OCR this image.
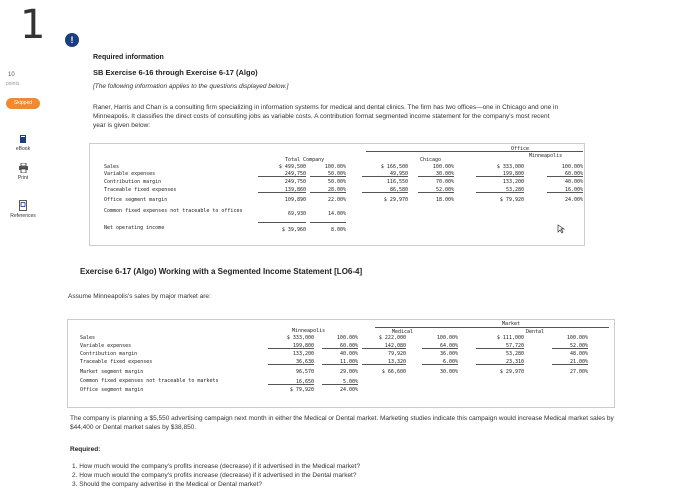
1
10
points
Skipped
eBook
Print
References
!
Required information
SB Exercise 6-16 through Exercise 6-17 (Algo)
[The following information applies to the questions displayed below.]
Raner, Harris and Chan is a consulting firm specializing in information systems for medical and dental clinics. The firm has two offices—one in Chicago and one in Minneapolis. It classifies the direct costs of consulting jobs as variable costs. A contribution format segmented income statement for the company's most recent year is given below:
Office
Total Company	Chicago
Minneapolis
Sales	$ 499,500	100.00%	$ 166,500	100.00%	$ 333,000	100.00%
Variable expenses	249,750	50.00%	49,950	30.00%	199,800	60.00%
Contribution margin	249,750	50.00%	116,550	70.00%	133,200	40.00%
Traceable fixed expenses	139,860	28.00%	86,580	52.00%	53,280	16.00%
Office segment margin	109,890	22.00%	$ 29,970	18.00%	$ 79,920	24.00%
Common fixed expenses not traceable to offices	69,930	14.00%
Net operating income	$ 39,960	8.00%
Exercise 6-17 (Algo) Working with a Segmented Income Statement [LO6-4]
Assume Minneapolis's sales by major market are:
Market
Minneapolis	Medical	Dental
Sales	$ 333,000	100.00%	$ 222,000	100.00%	$ 111,000	100.00%
Variable expenses	199,800	60.00%	142,080	64.00%	57,720	52.00%
Contribution margin	133,200	40.00%	79,920	36.00%	53,280	48.00%
Traceable fixed expenses	36,630	11.00%	13,320	6.00%	23,310	21.00%
Market segment margin	96,570	29.00%	$ 66,600	30.00%	$ 29,970	27.00%
Common fixed expenses not traceable to markets	16,650	5.00%
Office segment margin	$ 79,920	24.00%
The company is planning a $5,550 advertising campaign next month in either the Medical or Dental market. Marketing studies indicate this campaign would increase Medical market sales by $44,400 or Dental market sales by $38,850.
Required:
1. How much would the company's profits increase (decrease) if it advertised in the Medical market?
2. How much would the company's profits increase (decrease) if it advertised in the Dental market?
3. Should the company advertise in the Medical or Dental market?
